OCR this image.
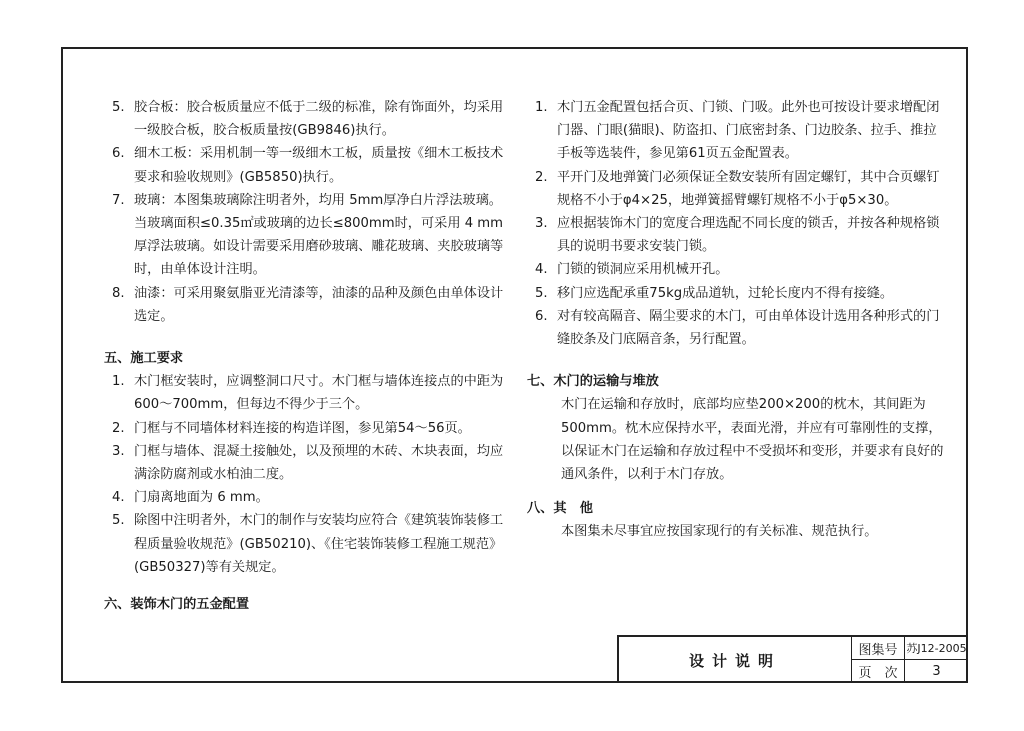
5. 胶合板：胶合板质量应不低于二级的标准，除有饰面外，均采用一级胶合板，胶合板质量按(GB9846)执行。
6. 细木工板：采用机制一等一级细木工板，质量按《细木工板技术要求和验收规则》(GB5850)执行。
7. 玻璃：本图集玻璃除注明者外，均用 5mm厚净白片浮法玻璃。当玻璃面积≤0.35㎡或玻璃的边长≤800mm时，可采用 4 mm厚浮法玻璃。如设计需要采用磨砂玻璃、雕花玻璃、夹胶玻璃等时，由单体设计注明。
8. 油漆：可采用聚氨脂亚光清漆等，油漆的品种及颜色由单体设计选定。
五、施工要求
1. 木门框安装时，应调整洞口尺寸。木门框与墙体连接点的中距为600～700mm，但每边不得少于三个。
2. 门框与不同墙体材料连接的构造详图，参见第54～56页。
3. 门框与墙体、混凝土接触处，以及预埋的木砖、木块表面，均应满涂防腐剂或水柏油二度。
4. 门扇离地面为 6 mm。
5. 除图中注明者外，木门的制作与安装均应符合《建筑装饰装修工程质量验收规范》(GB50210)、《住宅装饰装修工程施工规范》(GB50327)等有关规定。
六、装饰木门的五金配置
1. 木门五金配置包括合页、门锁、门吸。此外也可按设计要求增配闭门器、门眼(猫眼)、防盗扣、门底密封条、门边胶条、拉手、推拉手板等选装件，参见第61页五金配置表。
2. 平开门及地弹簧门必须保证全数安装所有固定螺钉，其中合页螺钉规格不小于φ4×25，地弹簧摇臂螺钉规格不小于φ5×30。
3. 应根据装饰木门的宽度合理选配不同长度的锁舌，并按各种规格锁具的说明书要求安装门锁。
4. 门锁的锁洞应采用机械开孔。
5. 移门应选配承重75kg成品道轨，过轮长度内不得有接缝。
6. 对有较高隔音、隔尘要求的木门，可由单体设计选用各种形式的门缝胶条及门底隔音条，另行配置。
七、木门的运输与堆放
木门在运输和存放时，底部均应垫200×200的枕木，其间距为 500mm。枕木应保持水平，表面光滑，并应有可靠刚性的支撑，以保证木门在运输和存放过程中不受损坏和变形，并要求有良好的通风条件，以利于木门存放。
八、其　他
本图集未尽事宜应按国家现行的有关标准、规范执行。
设计说明
图集号 苏J12-2005
页　次	3
